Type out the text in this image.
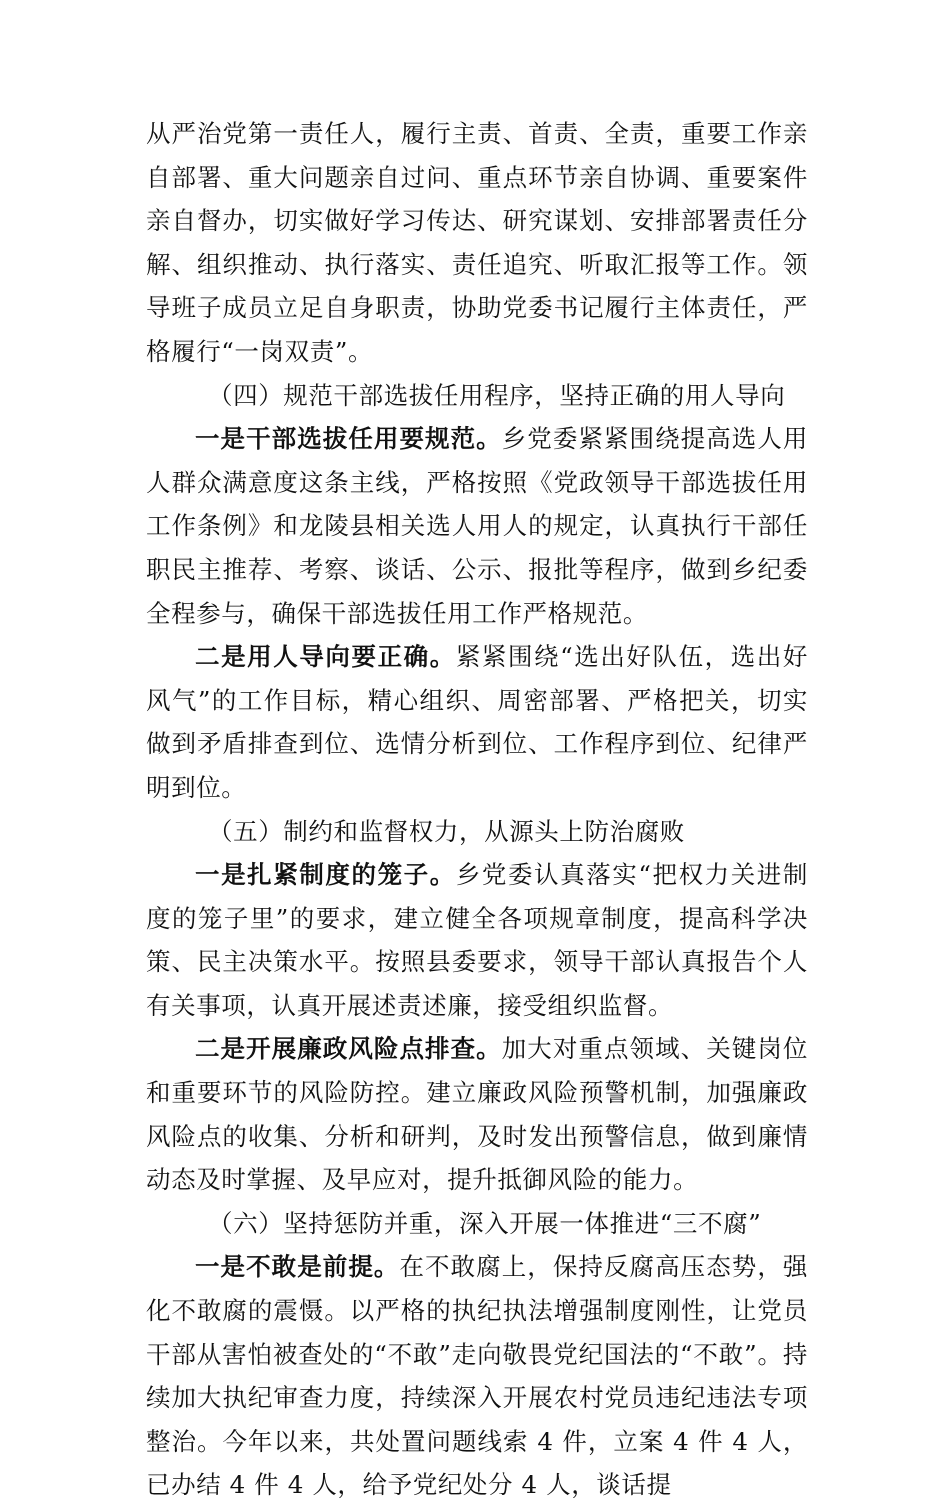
从严治党第一责任人，履行主责、首责、全责，重要工作亲自部署、重大问题亲自过问、重点环节亲自协调、重要案件亲自督办，切实做好学习传达、研究谋划、安排部署责任分解、组织推动、执行落实、责任追究、听取汇报等工作。领导班子成员立足自身职责，协助党委书记履行主体责任，严格履行“一岗双责”。

（四）规范干部选拔任用程序，坚持正确的用人导向

一是干部选拔任用要规范。乡党委紧紧围绕提高选人用人群众满意度这条主线，严格按照《党政领导干部选拔任用工作条例》和龙陵县相关选人用人的规定，认真执行干部任职民主推荐、考察、谈话、公示、报批等程序，做到乡纪委全程参与，确保干部选拔任用工作严格规范。

二是用人导向要正确。紧紧围绕“选出好队伍，选出好风气”的工作目标，精心组织、周密部署、严格把关，切实做到矛盾排查到位、选情分析到位、工作程序到位、纪律严明到位。

（五）制约和监督权力，从源头上防治腐败

一是扎紧制度的笼子。乡党委认真落实“把权力关进制度的笼子里”的要求，建立健全各项规章制度，提高科学决策、民主决策水平。按照县委要求，领导干部认真报告个人有关事项，认真开展述责述廉，接受组织监督。

二是开展廉政风险点排查。加大对重点领域、关键岗位和重要环节的风险防控。建立廉政风险预警机制，加强廉政风险点的收集、分析和研判，及时发出预警信息，做到廉情动态及时掌握、及早应对，提升抵御风险的能力。

（六）坚持惩防并重，深入开展一体推进“三不腐”

一是不敢是前提。在不敢腐上，保持反腐高压态势，强化不敢腐的震慑。以严格的执纪执法增强制度刚性，让党员干部从害怕被查处的“不敢”走向敬畏党纪国法的“不敢”。持续加大执纪审查力度，持续深入开展农村党员违纪违法专项整治。今年以来，共处置问题线索 4 件，立案 4 件 4 人，已办结 4 件 4 人，给予党纪处分 4 人，谈话提
